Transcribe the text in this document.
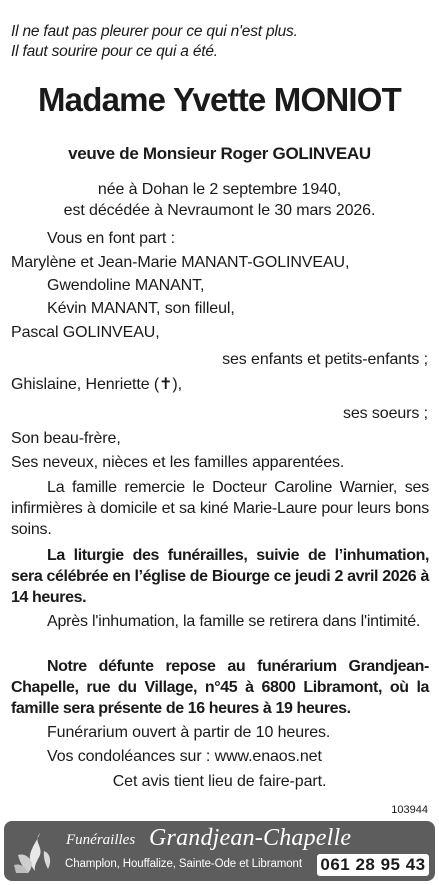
Il ne faut pas pleurer pour ce qui n'est plus.
Il faut sourire pour ce qui a été.
Madame Yvette MONIOT
veuve de Monsieur Roger GOLINVEAU
née à Dohan le 2 septembre 1940,
est décédée à Nevraumont le 30 mars 2026.
Vous en font part :
Marylène et Jean-Marie MANANT-GOLINVEAU,
Gwendoline MANANT,
Kévin MANANT, son filleul,
Pascal GOLINVEAU,
ses enfants et petits-enfants ;
Ghislaine, Henriette (✝),
ses soeurs ;
Son beau-frère,
Ses neveux, nièces et les familles apparentées.
La famille remercie le Docteur Caroline Warnier, ses infirmières à domicile et sa kiné Marie-Laure pour leurs bons soins.
La liturgie des funérailles, suivie de l’inhumation, sera célébrée en l’église de Biourge ce jeudi 2 avril 2026 à 14 heures.
Après l'inhumation, la famille se retirera dans l'intimité.
Notre défunte repose au funérarium Grandjean-Chapelle, rue du Village, n°45 à 6800 Libramont, où la famille sera présente de 16 heures à 19 heures.
Funérarium ouvert à partir de 10 heures.
Vos condoléances sur : www.enaos.net
Cet avis tient lieu de faire-part.
103944
Funérailles Grandjean-Chapelle
Champlon, Houffalize, Sainte-Ode et Libramont 061 28 95 43
